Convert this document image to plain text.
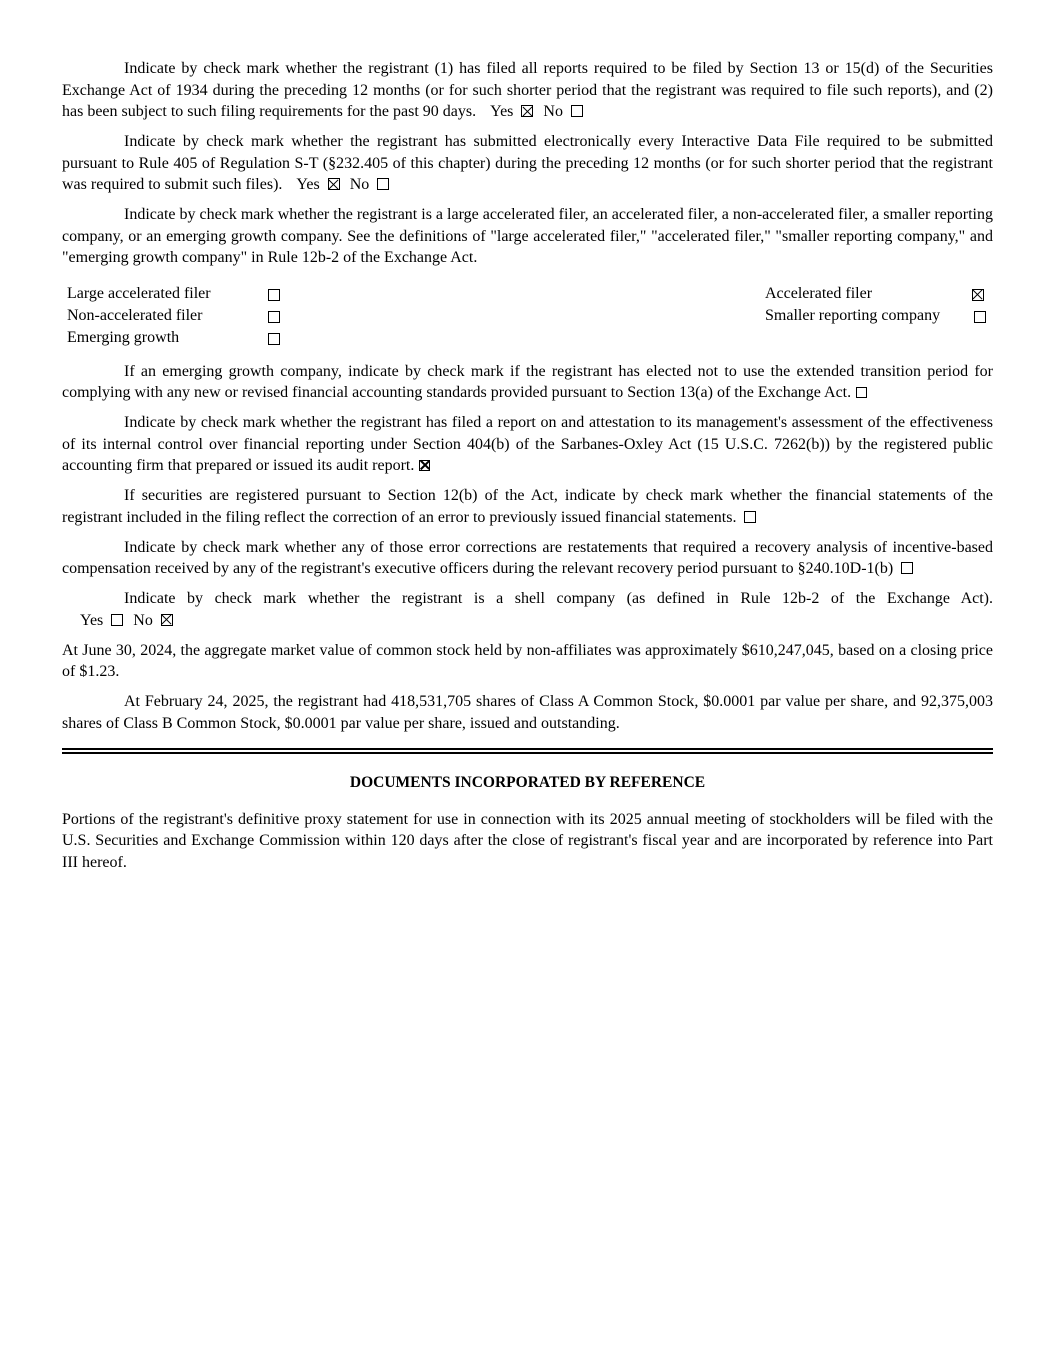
Indicate by check mark whether the registrant (1) has filed all reports required to be filed by Section 13 or 15(d) of the Securities Exchange Act of 1934 during the preceding 12 months (or for such shorter period that the registrant was required to file such reports), and (2) has been subject to such filing requirements for the past 90 days. Yes No

Indicate by check mark whether the registrant has submitted electronically every Interactive Data File required to be submitted pursuant to Rule 405 of Regulation S-T (§232.405 of this chapter) during the preceding 12 months (or for such shorter period that the registrant was required to submit such files). Yes No

Indicate by check mark whether the registrant is a large accelerated filer, an accelerated filer, a non-accelerated filer, a smaller reporting company, or an emerging growth company. See the definitions of "large accelerated filer," "accelerated filer," "smaller reporting company," and "emerging growth company" in Rule 12b-2 of the Exchange Act.

Large accelerated filer	Accelerated filer
Non-accelerated filer	Smaller reporting company
Emerging growth

If an emerging growth company, indicate by check mark if the registrant has elected not to use the extended transition period for complying with any new or revised financial accounting standards provided pursuant to Section 13(a) of the Exchange Act.

Indicate by check mark whether the registrant has filed a report on and attestation to its management's assessment of the effectiveness of its internal control over financial reporting under Section 404(b) of the Sarbanes-Oxley Act (15 U.S.C. 7262(b)) by the registered public accounting firm that prepared or issued its audit report.

If securities are registered pursuant to Section 12(b) of the Act, indicate by check mark whether the financial statements of the registrant included in the filing reflect the correction of an error to previously issued financial statements.

Indicate by check mark whether any of those error corrections are restatements that required a recovery analysis of incentive-based compensation received by any of the registrant's executive officers during the relevant recovery period pursuant to §240.10D-1(b)

Indicate by check mark whether the registrant is a shell company (as defined in Rule 12b-2 of the Exchange Act).

Yes No

At June 30, 2024, the aggregate market value of common stock held by non-affiliates was approximately $610,247,045, based on a closing price of $1.23.

At February 24, 2025, the registrant had 418,531,705 shares of Class A Common Stock, $0.0001 par value per share, and 92,375,003 shares of Class B Common Stock, $0.0001 par value per share, issued and outstanding.

DOCUMENTS INCORPORATED BY REFERENCE

Portions of the registrant's definitive proxy statement for use in connection with its 2025 annual meeting of stockholders will be filed with the U.S. Securities and Exchange Commission within 120 days after the close of registrant's fiscal year and are incorporated by reference into Part III hereof.
